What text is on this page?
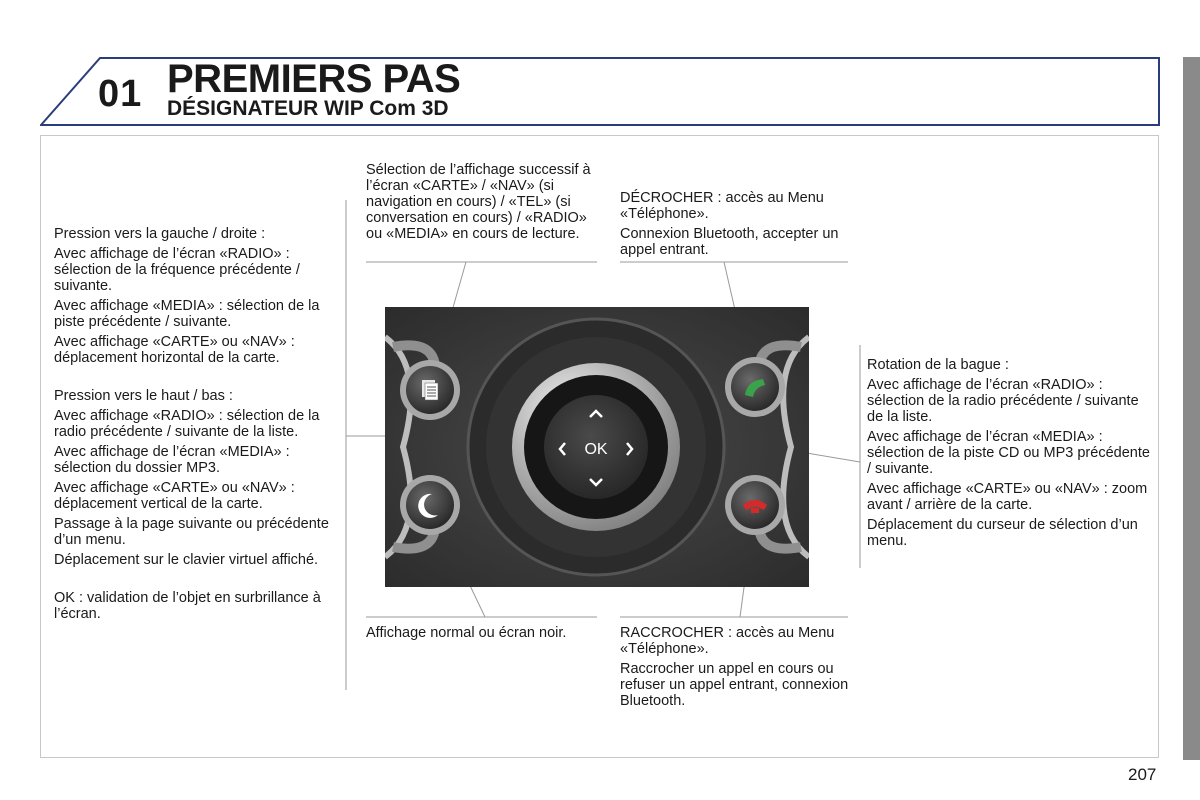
01 PREMIERS PAS
DÉSIGNATEUR WIP Com 3D
OK

Pression vers la gauche / droite :

Avec affichage de l’écran «RADIO» : sélection de la fréquence précédente / suivante.

Avec affichage «MEDIA» : sélection de la piste précédente / suivante.

Avec affichage «CARTE» ou «NAV» : déplacement horizontal de la carte.

Pression vers le haut / bas :

Avec affichage «RADIO» : sélection de la radio précédente / suivante de la liste.

Avec affichage de l’écran «MEDIA» : sélection du dossier MP3.

Avec affichage «CARTE» ou «NAV» : déplacement vertical de la carte.

Passage à la page suivante ou précédente d’un menu.

Déplacement sur le clavier virtuel affiché.

OK : validation de l’objet en surbrillance à l’écran.

Sélection de l’affichage successif à l’écran «CARTE» / «NAV» (si navigation en cours) / «TEL» (si conversation en cours) / «RADIO» ou «MEDIA» en cours de lecture.

DÉCROCHER : accès au Menu «Téléphone».

Connexion Bluetooth, accepter un appel entrant.

Rotation de la bague :

Avec affichage de l’écran «RADIO» : sélection de la radio précédente / suivante de la liste.

Avec affichage de l’écran «MEDIA» : sélection de la piste CD ou MP3 précédente / suivante.

Avec affichage «CARTE» ou «NAV» : zoom avant / arrière de la carte.

Déplacement du curseur de sélection d’un menu.

Affichage normal ou écran noir.	RACCROCHER : accès au Menu «Téléphone».

Raccrocher un appel en cours ou refuser un appel entrant, connexion Bluetooth.

207
